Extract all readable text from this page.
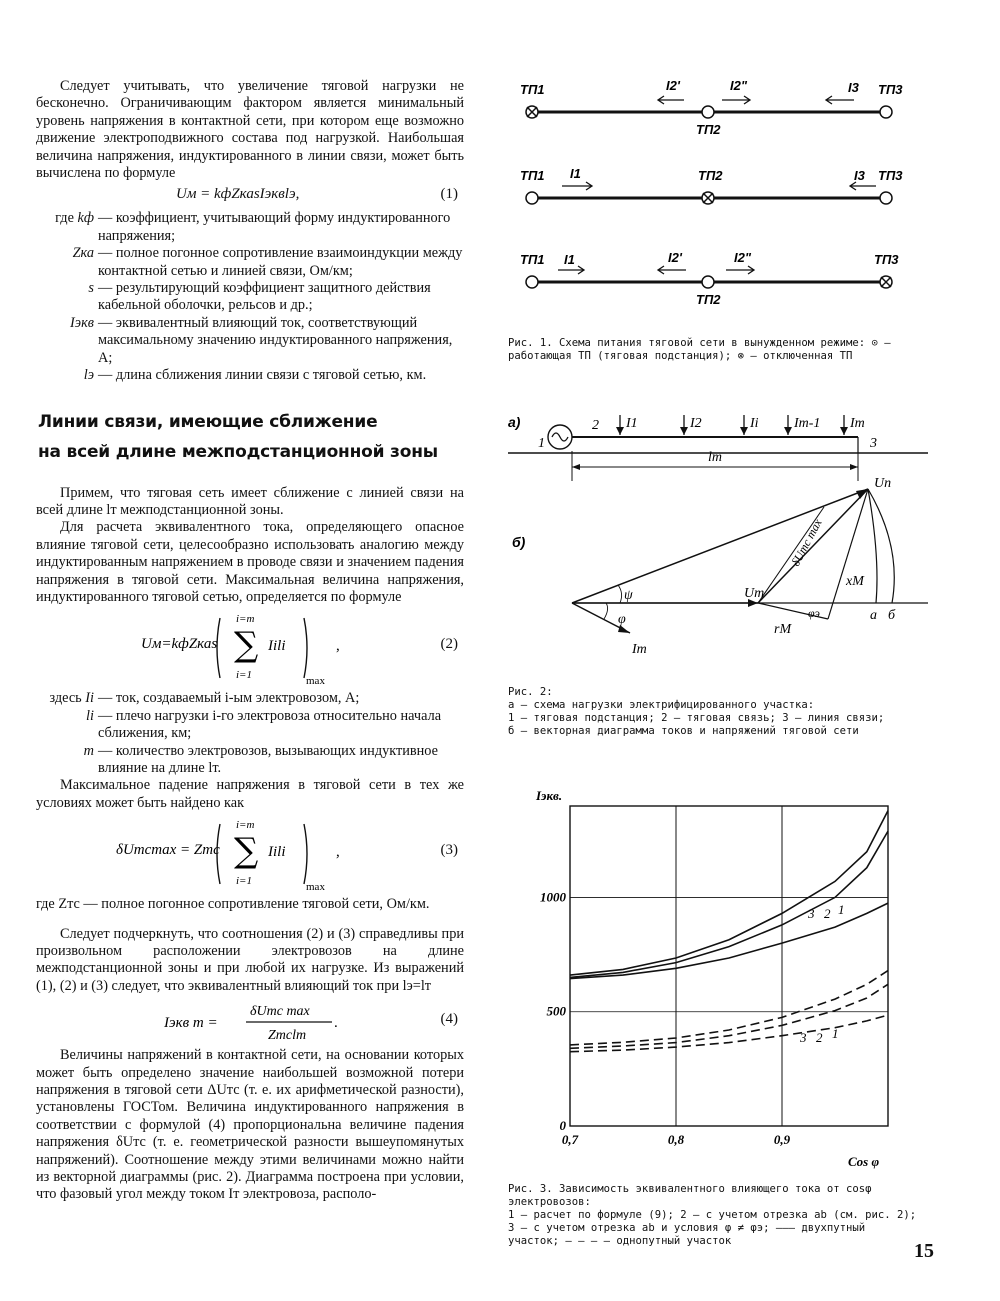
Следует учитывать, что увеличение тяговой нагрузки не бесконечно. Ограничивающим фактором является минимальный уровень напряжения в контактной сети, при котором еще возможно движение электроподвижного состава под нагрузкой. Наибольшая величина напряжения, индуктированного в линии связи, может быть вычислена по формуле

Uм = kфZкаsIэквlэ,	(1)
где kф — коэффициент, учитывающий форму индуктированного напряжения;
Zка — полное погонное сопротивление взаимоиндукции между контактной сетью и линией связи, Ом/км;
s — результирующий коэффициент защитного действия кабельной оболочки, рельсов и др.;
Iэкв — эквивалентный влияющий ток, соответствующий максимальному значению индуктированного напряжения, А;
lэ — длина сближения линии связи с тяговой сетью, км.
Линии связи, имеющие сближение
на всей длине межподстанционной зоны

Примем, что тяговая сеть имеет сближение с линией связи на всей длине lт межподстанционной зоны.

Для расчета эквивалентного тока, определяющего опасное влияние тяговой сети, целесообразно использовать аналогию между индуктированным напряжением в проводе связи и значением падения напряжения в тяговой сети. Максимальная величина напряжения, индуктированного тяговой сетью, определяется по формуле

Uм=kфZкаs
i=m
∑
i=1
Iili
max
,	(2)
здесь Ii — ток, создаваемый i-ым электровозом, А;
li — плечо нагрузки i-го электровоза относительно начала сближения, км;
m — количество электровозов, вызывающих индуктивное влияние на длине lт.

Максимальное падение напряжения в тяговой сети в тех же условиях может быть найдено как

δUтсmax = Zтс
i=m
∑
i=1
Iili
max
,	(3)

где Zтс — полное погонное сопротивление тяговой сети, Ом/км.

Следует подчеркнуть, что соотношения (2) и (3) справедливы при произвольном расположении электровозов на длине межподстанционной зоны и при любой их нагрузке. Из выражений (1), (2) и (3) следует, что эквивалентный влияющий ток при lэ=lт

Iэкв т =
δUтс max
Zтсlт
.	(4)

Величины напряжений в контактной сети, на основании которых может быть определено значение наибольшей возможной потери напряжения в тяговой сети ΔUтс (т. е. их арифметической разности), установлены ГОСТом. Величина индуктированного напряжения в соответствии с формулой (4) пропорциональна величине падения напряжения δUтс (т. е. геометрической разности вышеупомянутых напряжений). Соотношение между этими величинами можно найти из векторной диаграммы (рис. 2). Диаграмма построена при условии, что фазовый угол между током Iт электровоза, располо-

ТП1
ТП2
ТП3
I2'	I2"	I3
ТП1	ТП2	ТП3
I1	I3
ТП1
ТП2
ТП3
I1	I2'	I2"
Рис. 1. Схема питания тяговой сети в вынужденном режиме: ⊙ — работающая ТП (тяговая подстанция); ⊗ — отключенная ТП
а)
1
2
3
I1	I2	Ii	Im-1 Im
lт
б)
Uп
δUтс max
Um
xM
rM
Im
ψ
φ	φэ	а б
Рис. 2:
а — схема нагрузки электрифицированного участка:
1 — тяговая подстанция; 2 — тяговая связь; 3 — линия связи;
б — векторная диаграмма токов и напряжений тяговой сети
0
500
1000
0,7	0,8	0,9
Iэкв.
Cos φ
3 2 1
3 2 1
Рис. 3. Зависимость эквивалентного влияющего тока от cosφ электровозов:
1 — расчет по формуле (9); 2 — с учетом отрезка ab (см. рис. 2);
3 — с учетом отрезка ab и условия φ ≠ φэ; ——— двухпутный
участок; – – – – однопутный участок	15
